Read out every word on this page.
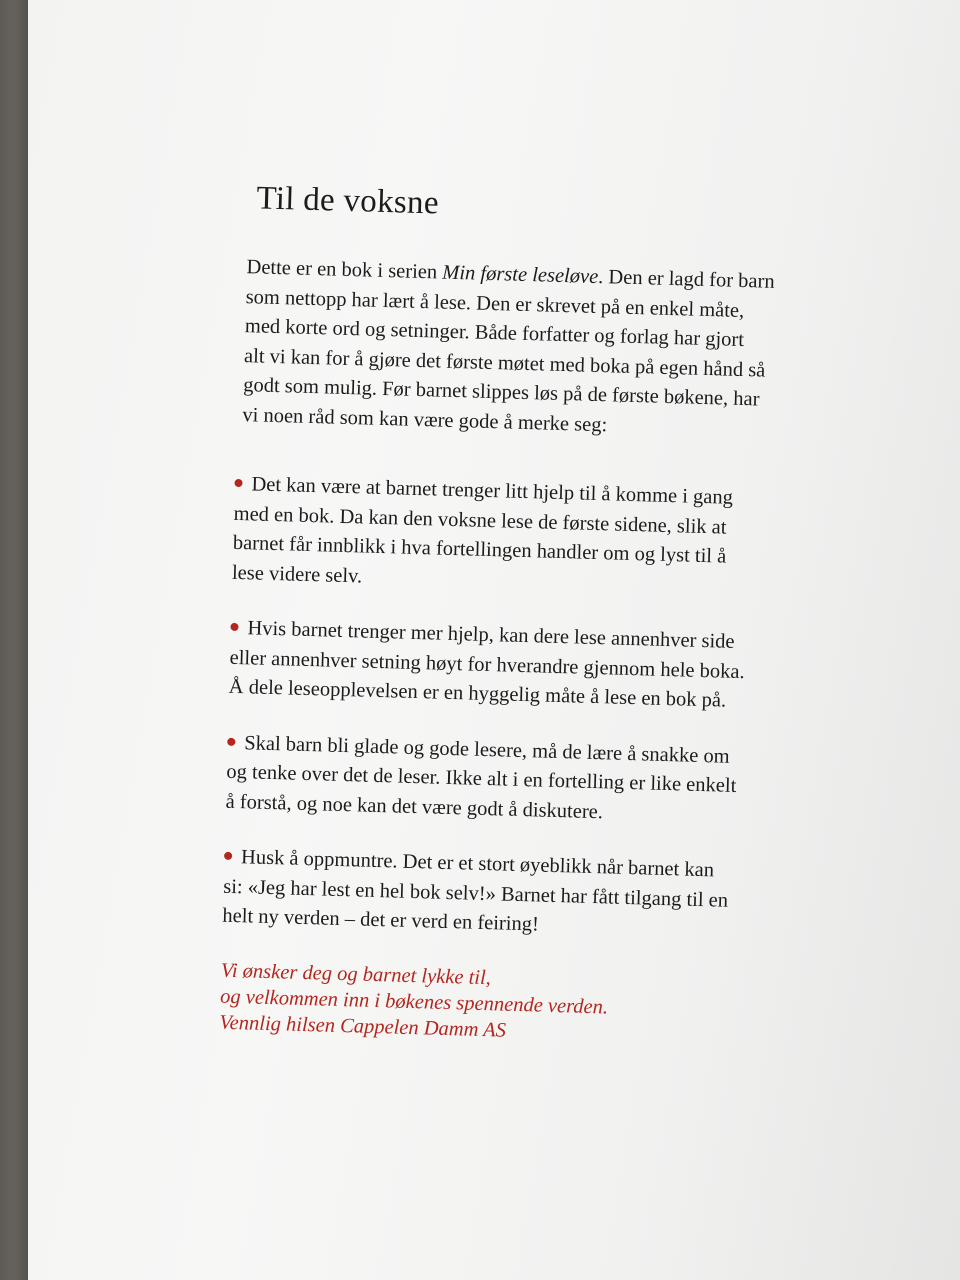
Til de voksne

Dette er en bok i serien Min første leseløve. Den er lagd for barn
som nettopp har lært å lese. Den er skrevet på en enkel måte,
med korte ord og setninger. Både forfatter og forlag har gjort
alt vi kan for å gjøre det første møtet med boka på egen hånd så
godt som mulig. Før barnet slippes løs på de første bøkene, har
vi noen råd som kan være gode å merke seg:

Det kan være at barnet trenger litt hjelp til å komme i gang
med en bok. Da kan den voksne lese de første sidene, slik at
barnet får innblikk i hva fortellingen handler om og lyst til å
lese videre selv.

Hvis barnet trenger mer hjelp, kan dere lese annenhver side
eller annenhver setning høyt for hverandre gjennom hele boka.
Å dele leseopplevelsen er en hyggelig måte å lese en bok på.

Skal barn bli glade og gode lesere, må de lære å snakke om
og tenke over det de leser. Ikke alt i en fortelling er like enkelt
å forstå, og noe kan det være godt å diskutere.

Husk å oppmuntre. Det er et stort øyeblikk når barnet kan
si: «Jeg har lest en hel bok selv!» Barnet har fått tilgang til en
helt ny verden – det er verd en feiring!

Vi ønsker deg og barnet lykke til,
og velkommen inn i bøkenes spennende verden.
Vennlig hilsen Cappelen Damm AS
